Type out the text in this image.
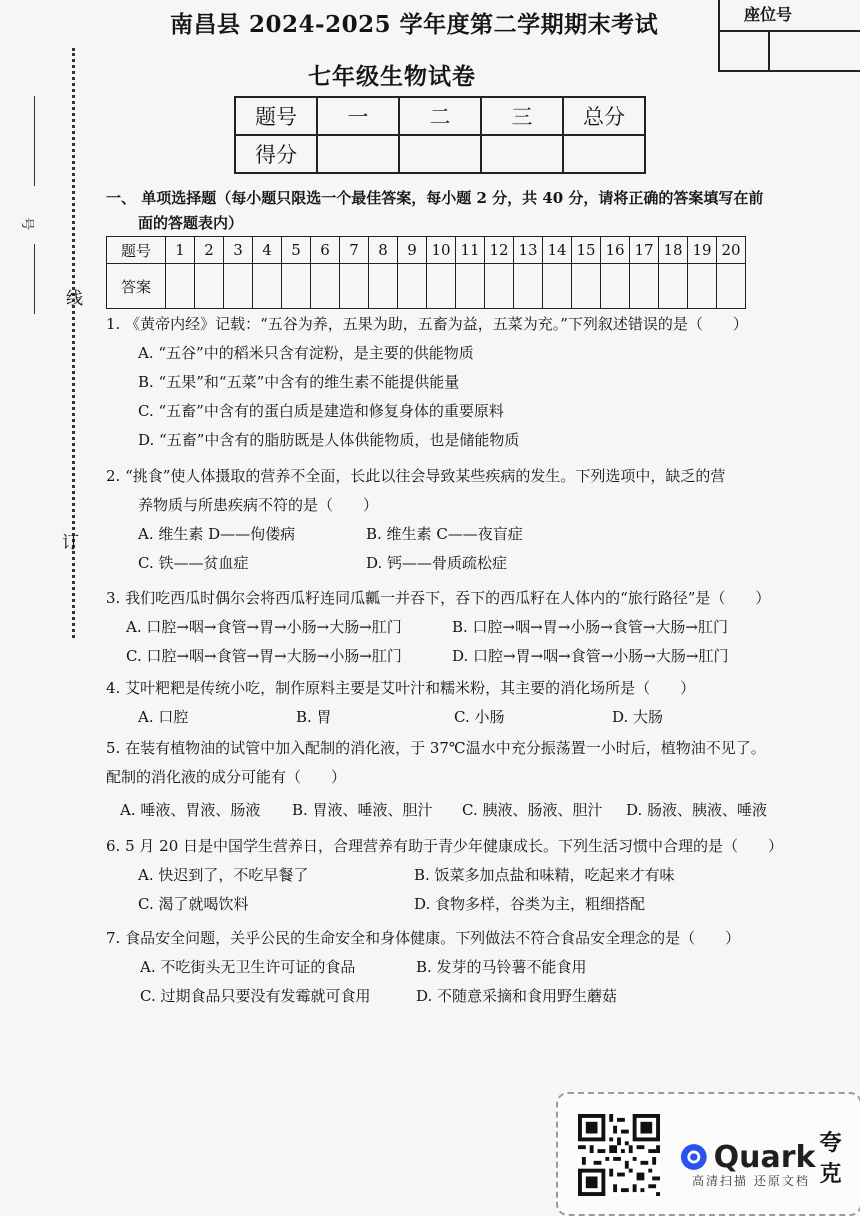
号
线
订
南昌县 2024-2025 学年度第二学期期末考试
七年级生物试卷
座位号
题号	一	二	三	总分
得分				
一、 单项选择题（每小题只限选一个最佳答案，每小题 2 分，共 40 分，请将正确的答案填写在前
面的答题表内）
题号	1	2	3	4	5	6	7	8	9	10	11	12	13	14	15	16	17	18	19	20
答案																				
1. 《黄帝内经》记载：“五谷为养，五果为助，五畜为益，五菜为充。”下列叙述错误的是（　　）
A. “五谷”中的稻米只含有淀粉，是主要的供能物质
B. “五果”和“五菜”中含有的维生素不能提供能量
C. “五畜”中含有的蛋白质是建造和修复身体的重要原料
D. “五畜”中含有的脂肪既是人体供能物质，也是储能物质
2. “挑食”使人体摄取的营养不全面，长此以往会导致某些疾病的发生。下列选项中，缺乏的营
养物质与所患疾病不符的是（　　）
A. 维生素 D——佝偻病	B. 维生素 C——夜盲症
C. 铁——贫血症	D. 钙——骨质疏松症
3. 我们吃西瓜时偶尔会将西瓜籽连同瓜瓤一并吞下，吞下的西瓜籽在人体内的“旅行路径”是（　　）
A. 口腔→咽→食管→胃→小肠→大肠→肛门	B. 口腔→咽→胃→小肠→食管→大肠→肛门
C. 口腔→咽→食管→胃→大肠→小肠→肛门	D. 口腔→胃→咽→食管→小肠→大肠→肛门
4. 艾叶粑粑是传统小吃，制作原料主要是艾叶汁和糯米粉，其主要的消化场所是（　　）
A. 口腔	B. 胃	C. 小肠	D. 大肠
5. 在装有植物油的试管中加入配制的消化液，于 37℃温水中充分振荡置一小时后，植物油不见了。
配制的消化液的成分可能有（　　）
A. 唾液、胃液、肠液	B. 胃液、唾液、胆汁	C. 胰液、肠液、胆汁	D. 肠液、胰液、唾液
6. 5 月 20 日是中国学生营养日，合理营养有助于青少年健康成长。下列生活习惯中合理的是（　　）
A. 快迟到了，不吃早餐了	B. 饭菜多加点盐和味精，吃起来才有味
C. 渴了就喝饮料	D. 食物多样，谷类为主，粗细搭配
7. 食品安全问题，关乎公民的生命安全和身体健康。下列做法不符合食品安全理念的是（　　）
A. 不吃街头无卫生许可证的食品	B. 发芽的马铃薯不能食用
C. 过期食品只要没有发霉就可食用	D. 不随意采摘和食用野生蘑菇
Quark 夸克
高清扫描 还原文档
